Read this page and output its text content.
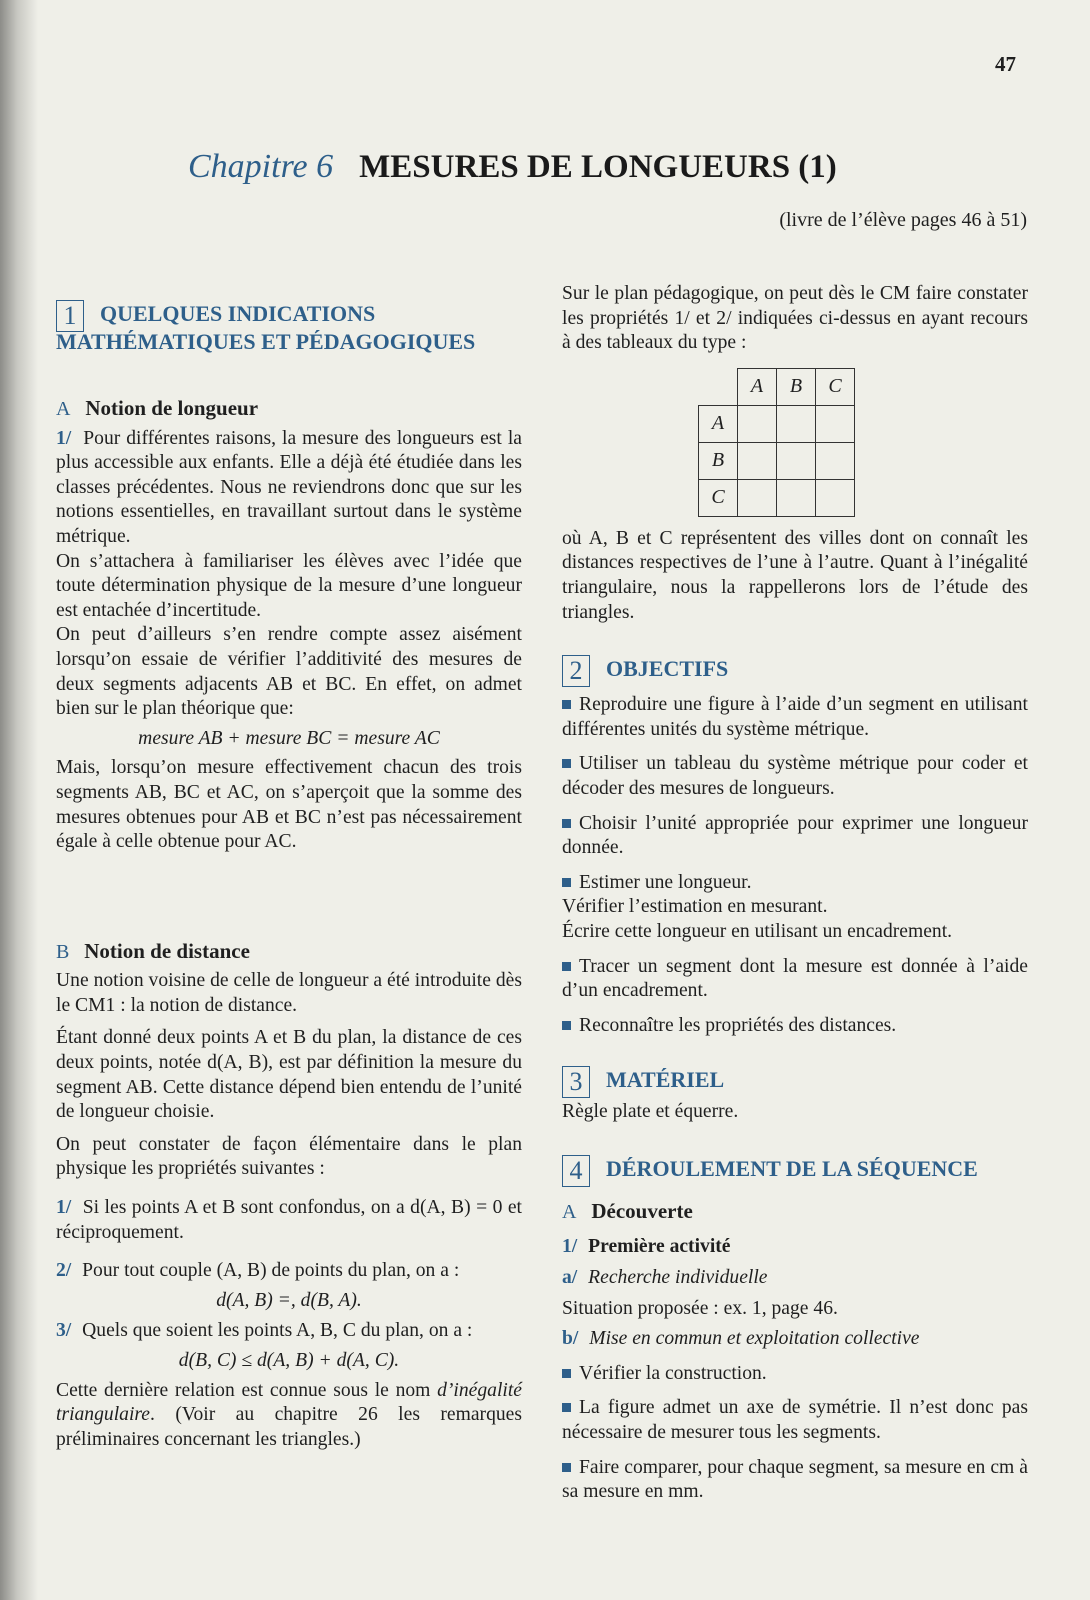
47
Chapitre 6 MESURES DE LONGUEURS (1)
(livre de l’élève pages 46 à 51)
1	QUELQUES INDICATIONS
MATHÉMATIQUES ET PÉDAGOGIQUES
A Notion de longueur

1/ Pour différentes raisons, la mesure des longueurs est la plus accessible aux enfants. Elle a déjà été étudiée dans les classes précédentes. Nous ne reviendrons donc que sur les notions essentielles, en travaillant surtout dans le système métrique.

On s’attachera à familiariser les élèves avec l’idée que toute détermination physique de la mesure d’une longueur est entachée d’incertitude.

On peut d’ailleurs s’en rendre compte assez aisément lorsqu’on essaie de vérifier l’additivité des mesures de deux segments adjacents AB et BC. En effet, on admet bien sur le plan théorique que:

mesure AB + mesure BC = mesure AC

Mais, lorsqu’on mesure effectivement chacun des trois segments AB, BC et AC, on s’aperçoit que la somme des mesures obtenues pour AB et BC n’est pas nécessairement égale à celle obtenue pour AC.

B Notion de distance

Une notion voisine de celle de longueur a été introduite dès le CM1 : la notion de distance.

Étant donné deux points A et B du plan, la distance de ces deux points, notée d(A, B), est par définition la mesure du segment AB. Cette distance dépend bien entendu de l’unité de longueur choisie.

On peut constater de façon élémentaire dans le plan physique les propriétés suivantes :

1/ Si les points A et B sont confondus, on a d(A, B) = 0 et réciproquement.

2/ Pour tout couple (A, B) de points du plan, on a :

d(A, B) =, d(B, A).

3/ Quels que soient les points A, B, C du plan, on a :

d(B, C) ≤ d(A, B) + d(A, C).

Cette dernière relation est connue sous le nom d’inégalité triangulaire. (Voir au chapitre 26 les remarques préliminaires concernant les triangles.)

Sur le plan pédagogique, on peut dès le CM faire constater les propriétés 1/ et 2/ indiquées ci-dessus en ayant recours à des tableaux du type :

	A	B	C
A			
B			
C			

où A, B et C représentent des villes dont on connaît les distances respectives de l’une à l’autre. Quant à l’inégalité triangulaire, nous la rappellerons lors de l’étude des triangles.

2	OBJECTIFS

Reproduire une figure à l’aide d’un segment en utilisant différentes unités du système métrique.

Utiliser un tableau du système métrique pour coder et décoder des mesures de longueurs.

Choisir l’unité appropriée pour exprimer une longueur donnée.

Estimer une longueur.
Vérifier l’estimation en mesurant.
Écrire cette longueur en utilisant un encadrement.

Tracer un segment dont la mesure est donnée à l’aide d’un encadrement.

Reconnaître les propriétés des distances.

3	MATÉRIEL

Règle plate et équerre.

4	DÉROULEMENT DE LA SÉQUENCE
A Découverte

1/ Première activité

a/ Recherche individuelle

Situation proposée : ex. 1, page 46.

b/ Mise en commun et exploitation collective

Vérifier la construction.

La figure admet un axe de symétrie. Il n’est donc pas nécessaire de mesurer tous les segments.

Faire comparer, pour chaque segment, sa mesure en cm à sa mesure en mm.
